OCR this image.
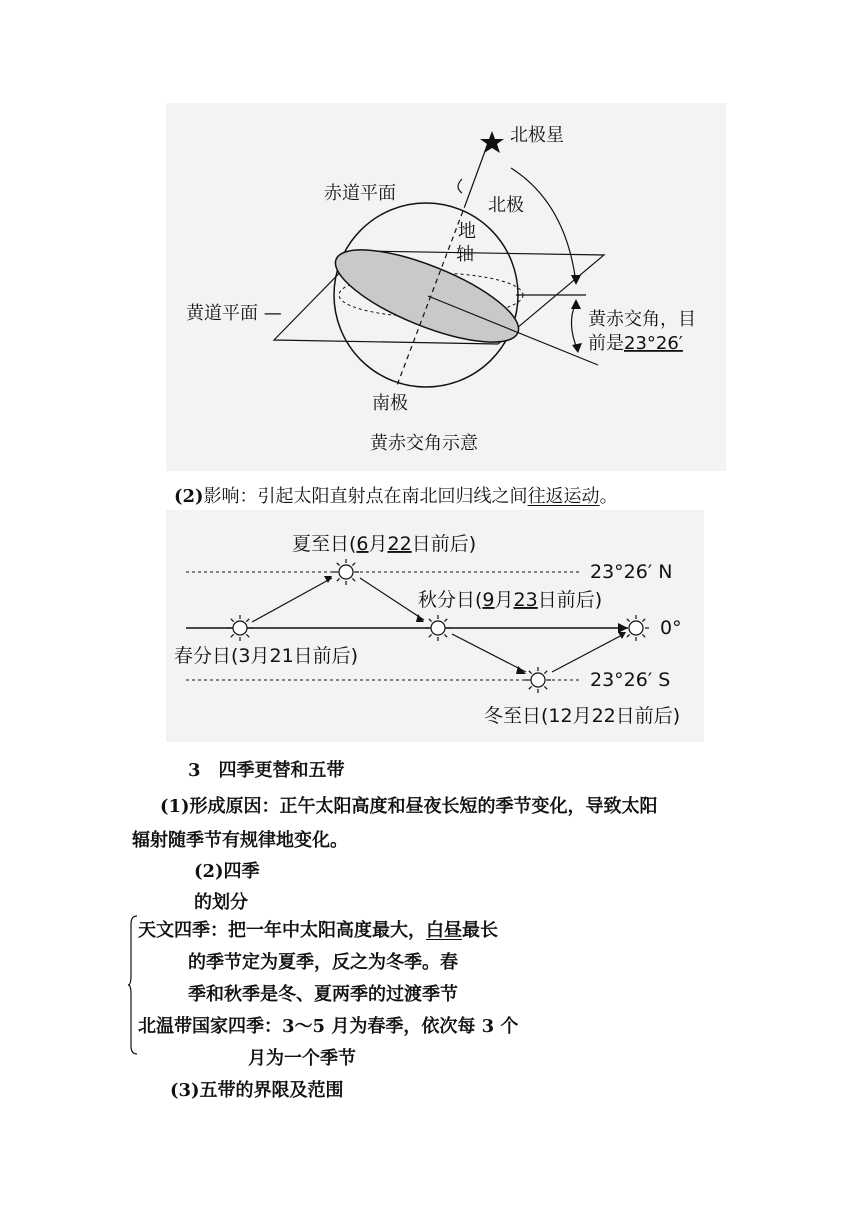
北极星
北极
地
轴
赤道平面
黄道平面 —	黄赤交角，目
前是23°26′
南极
黄赤交角示意
(2)影响：引起太阳直射点在南北回归线之间往返运动。
夏至日(6月22日前后)
秋分日(9月23日前后)
春分日(3月21日前后)
冬至日(12月22日前后)
23°26′ N
0°
23°26′ S
3　四季更替和五带
(1)形成原因：正午太阳高度和昼夜长短的季节变化，导致太阳
辐射随季节有规律地变化。
(2)四季
的划分
天文四季：把一年中太阳高度最大，白昼最长
的季节定为夏季，反之为冬季。春
季和秋季是冬、夏两季的过渡季节
北温带国家四季：3～5 月为春季，依次每 3 个
月为一个季节
(3)五带的界限及范围
